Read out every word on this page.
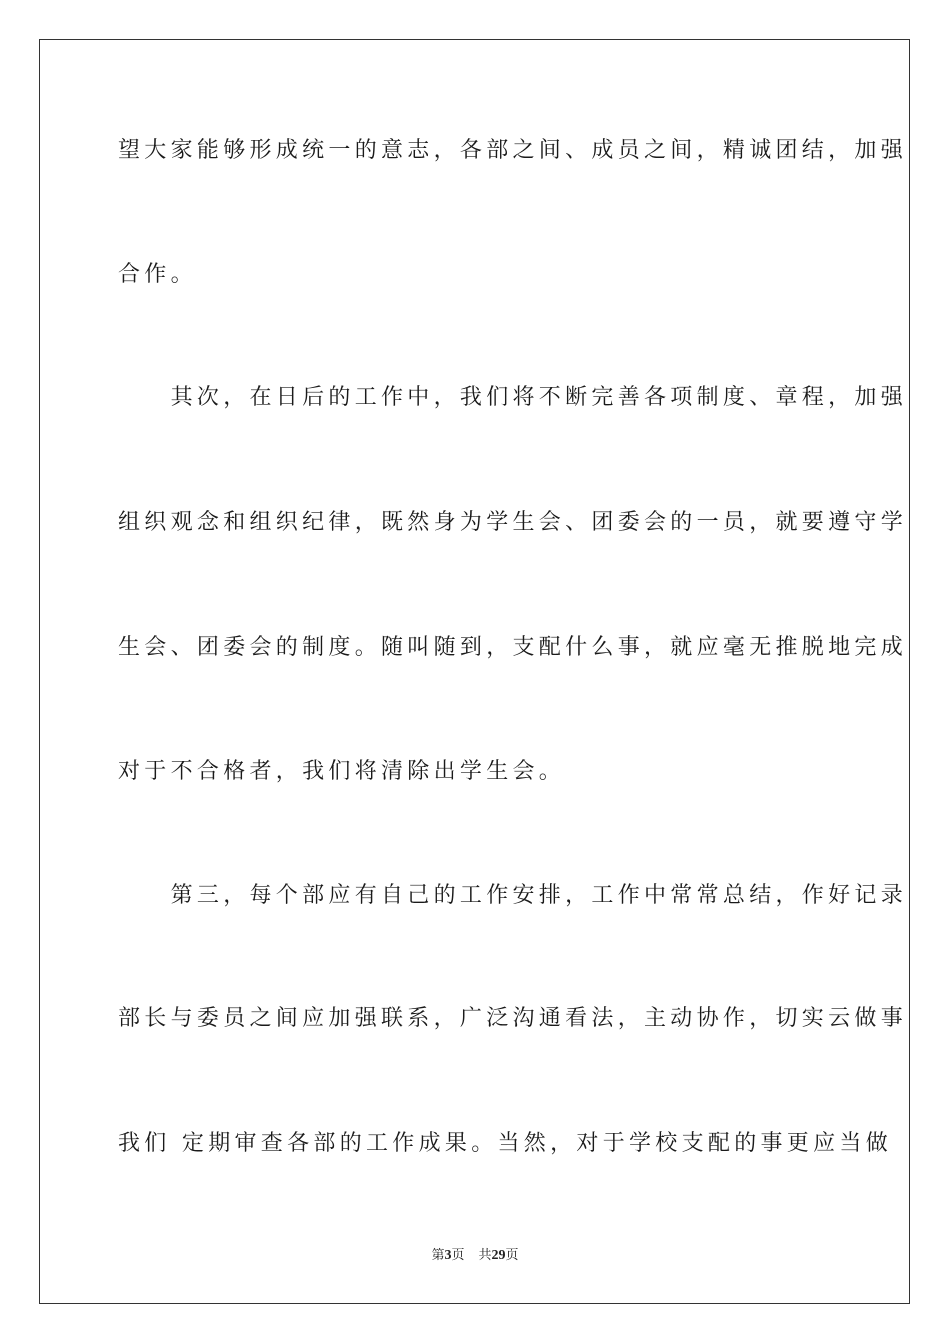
望大家能够形成统一的意志，各部之间、成员之间，精诚团结，加强
合作。
　　其次，在日后的工作中，我们将不断完善各项制度、章程，加强
组织观念和组织纪律，既然身为学生会、团委会的一员，就要遵守学
生会、团委会的制度。随叫随到，支配什么事，就应毫无推脱地完成
对于不合格者，我们将清除出学生会。
　　第三，每个部应有自己的工作安排，工作中常常总结，作好记录
部长与委员之间应加强联系，广泛沟通看法，主动协作，切实云做事
我们 定期审查各部的工作成果。当然，对于学校支配的事更应当做
第3页 共29页
